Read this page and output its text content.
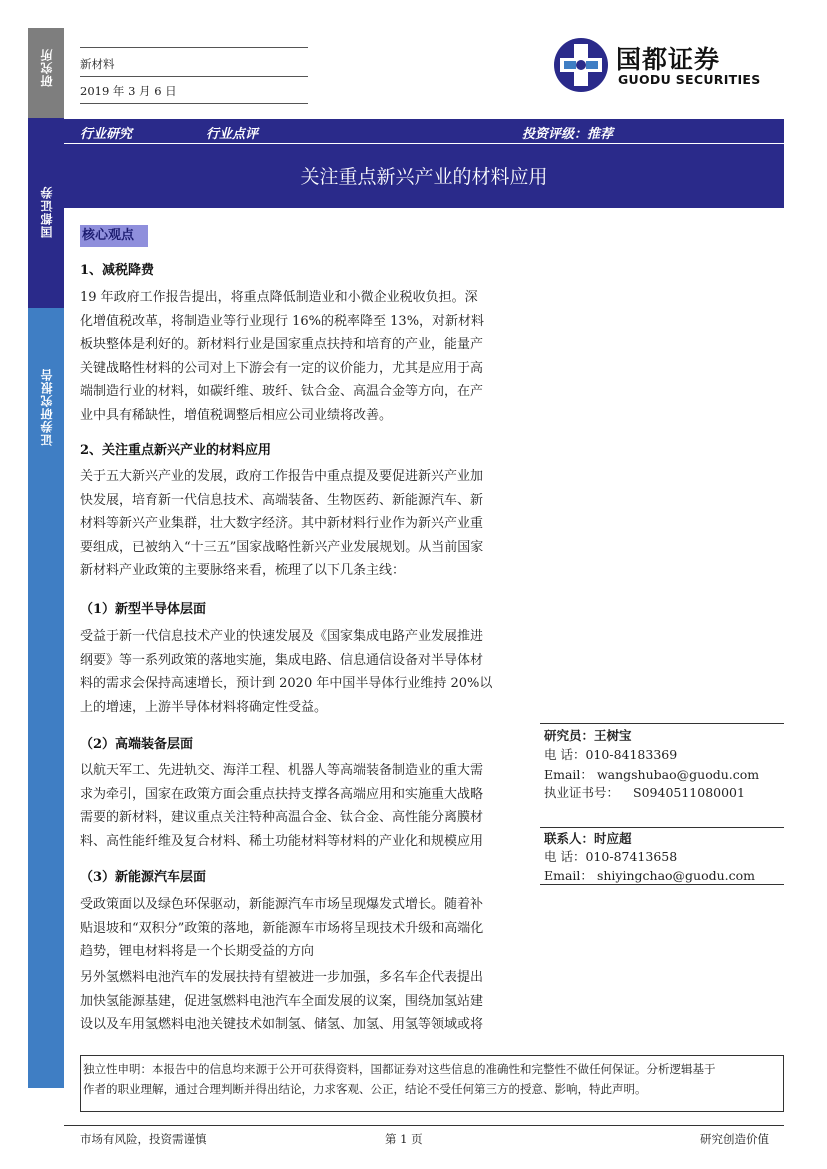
研究所
国都证券
证券研究报告
新材料
2019 年 3 月 6 日
国都证券
GUODU SECURITIES
行业研究	行业点评	投资评级：推荐
关注重点新兴产业的材料应用
核心观点
1、减税降费
19 年政府工作报告提出，将重点降低制造业和小微企业税收负担。深
化增值税改革，将制造业等行业现行 16%的税率降至 13%，对新材料
板块整体是利好的。新材料行业是国家重点扶持和培育的产业，能量产
关键战略性材料的公司对上下游会有一定的议价能力，尤其是应用于高
端制造行业的材料，如碳纤维、玻纤、钛合金、高温合金等方向，在产
业中具有稀缺性，增值税调整后相应公司业绩将改善。
2、关注重点新兴产业的材料应用
关于五大新兴产业的发展，政府工作报告中重点提及要促进新兴产业加
快发展，培育新一代信息技术、高端装备、生物医药、新能源汽车、新
材料等新兴产业集群，壮大数字经济。其中新材料行业作为新兴产业重
要组成，已被纳入“十三五”国家战略性新兴产业发展规划。从当前国家
新材料产业政策的主要脉络来看，梳理了以下几条主线：
（1）新型半导体层面
受益于新一代信息技术产业的快速发展及《国家集成电路产业发展推进
纲要》等一系列政策的落地实施，集成电路、信息通信设备对半导体材
料的需求会保持高速增长，预计到 2020 年中国半导体行业维持 20%以
上的增速，上游半导体材料将确定性受益。
（2）高端装备层面
以航天军工、先进轨交、海洋工程、机器人等高端装备制造业的重大需
求为牵引，国家在政策方面会重点扶持支撑各高端应用和实施重大战略
需要的新材料，建议重点关注特种高温合金、钛合金、高性能分离膜材
料、高性能纤维及复合材料、稀土功能材料等材料的产业化和规模应用
（3）新能源汽车层面
受政策面以及绿色环保驱动，新能源汽车市场呈现爆发式增长。随着补
贴退坡和“双积分”政策的落地，新能源车市场将呈现技术升级和高端化
趋势，锂电材料将是一个长期受益的方向
另外氢燃料电池汽车的发展扶持有望被进一步加强，多名车企代表提出
加快氢能源基建，促进氢燃料电池汽车全面发展的议案，围绕加氢站建
设以及车用氢燃料电池关键技术如制氢、储氢、加氢、用氢等领域或将
研究员：王树宝
电 话：010-84183369
Email： wangshubao@guodu.com
执业证书号： S0940511080001
联系人：时应超
电 话：010-87413658
Email： shiyingchao@guodu.com
独立性申明：本报告中的信息均来源于公开可获得资料，国都证券对这些信息的准确性和完整性不做任何保证。分析逻辑基于
作者的职业理解，通过合理判断并得出结论，力求客观、公正，结论不受任何第三方的授意、影响，特此声明。
市场有风险，投资需谨慎	第 1 页	研究创造价值
